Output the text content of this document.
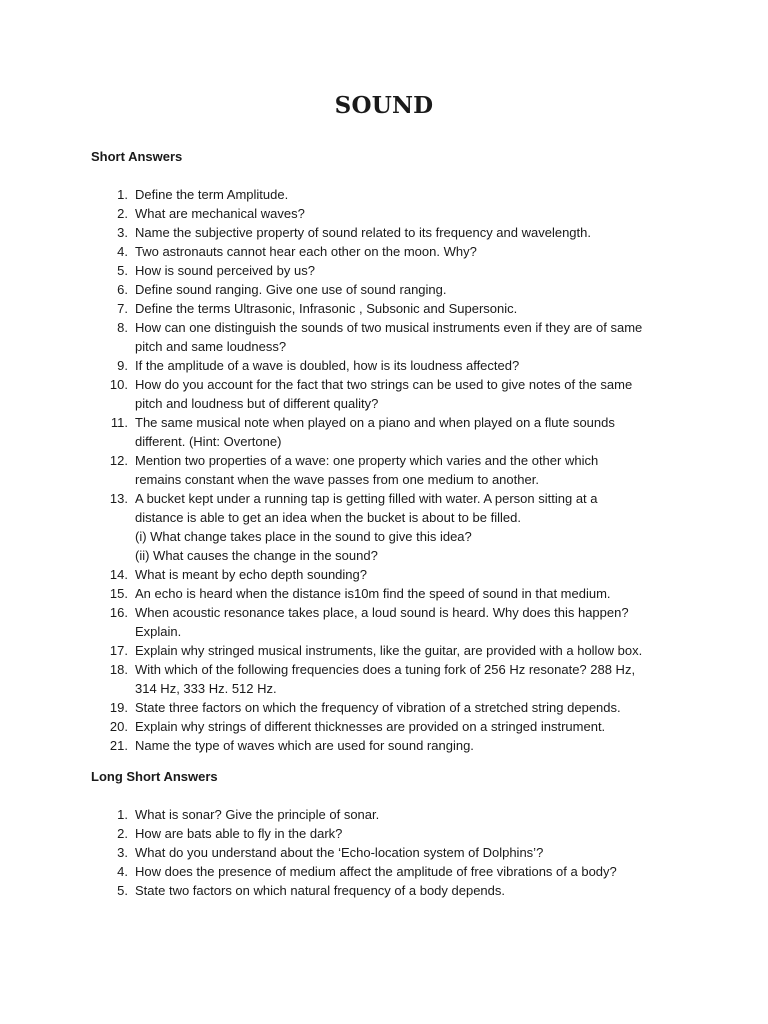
SOUND
Short Answers
1. Define the term Amplitude.
2. What are mechanical waves?
3. Name the subjective property of sound related to its frequency and wavelength.
4. Two astronauts cannot hear each other on the moon. Why?
5. How is sound perceived by us?
6. Define sound ranging. Give one use of sound ranging.
7. Define the terms Ultrasonic, Infrasonic , Subsonic and Supersonic.
8. How can one distinguish the sounds of two musical instruments even if they are of same
pitch and same loudness?
9. If the amplitude of a wave is doubled, how is its loudness affected?
10. How do you account for the fact that two strings can be used to give notes of the same
pitch and loudness but of different quality?
11. The same musical note when played on a piano and when played on a flute sounds
different. (Hint: Overtone)
12. Mention two properties of a wave: one property which varies and the other which
remains constant when the wave passes from one medium to another.
13. A bucket kept under a running tap is getting filled with water. A person sitting at a
distance is able to get an idea when the bucket is about to be filled.
(i) What change takes place in the sound to give this idea?
(ii) What causes the change in the sound?
14. What is meant by echo depth sounding?
15. An echo is heard when the distance is10m find the speed of sound in that medium.
16. When acoustic resonance takes place, a loud sound is heard. Why does this happen?
Explain.
17. Explain why stringed musical instruments, like the guitar, are provided with a hollow box.
18. With which of the following frequencies does a tuning fork of 256 Hz resonate? 288 Hz,
314 Hz, 333 Hz. 512 Hz.
19. State three factors on which the frequency of vibration of a stretched string depends.
20. Explain why strings of different thicknesses are provided on a stringed instrument.
21. Name the type of waves which are used for sound ranging.
Long Short Answers
1. What is sonar? Give the principle of sonar.
2. How are bats able to fly in the dark?
3. What do you understand about the ‘Echo-location system of Dolphins’?
4. How does the presence of medium affect the amplitude of free vibrations of a body?
5. State two factors on which natural frequency of a body depends.
